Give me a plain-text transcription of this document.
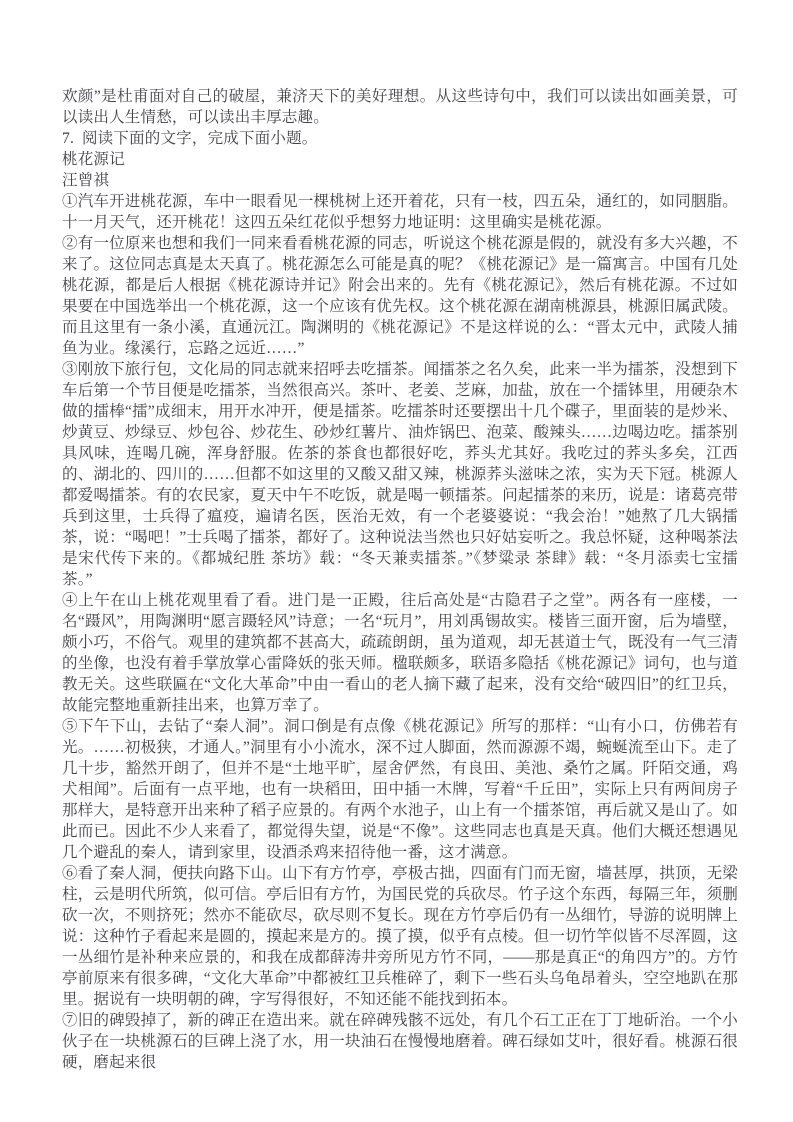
欢颜”是杜甫面对自己的破屋，兼济天下的美好理想。从这些诗句中，我们可以读出如画美景，可以读出人生情愁，可以读出丰厚志趣。

7.  阅读下面的文字，完成下面小题。

桃花源记

汪曾祺

①汽车开进桃花源，车中一眼看见一棵桃树上还开着花，只有一枝，四五朵，通红的，如同胭脂。十一月天气，还开桃花！这四五朵红花似乎想努力地证明：这里确实是桃花源。

②有一位原来也想和我们一同来看看桃花源的同志，听说这个桃花源是假的，就没有多大兴趣，不来了。这位同志真是太天真了。桃花源怎么可能是真的呢？《桃花源记》是一篇寓言。中国有几处桃花源，都是后人根据《桃花源诗并记》附会出来的。先有《桃花源记》，然后有桃花源。不过如果要在中国选举出一个桃花源，这一个应该有优先权。这个桃花源在湖南桃源县，桃源旧属武陵。而且这里有一条小溪，直通沅江。陶渊明的《桃花源记》不是这样说的么：“晋太元中，武陵人捕鱼为业。缘溪行，忘路之远近……”

③刚放下旅行包，文化局的同志就来招呼去吃擂茶。闻擂茶之名久矣，此来一半为擂茶，没想到下车后第一个节目便是吃擂茶，当然很高兴。茶叶、老姜、芝麻，加盐，放在一个擂钵里，用硬杂木做的擂棒“擂”成细末，用开水冲开，便是擂茶。吃擂茶时还要摆出十几个碟子，里面装的是炒米、炒黄豆、炒绿豆、炒包谷、炒花生、砂炒红薯片、油炸锅巴、泡菜、酸辣头……边喝边吃。擂茶别具风味，连喝几碗，浑身舒服。佐茶的茶食也都很好吃，荞头尤其好。我吃过的荞头多矣，江西的、湖北的、四川的……但都不如这里的又酸又甜又辣，桃源荞头滋味之浓，实为天下冠。桃源人都爱喝擂茶。有的农民家，夏天中午不吃饭，就是喝一顿擂茶。问起擂茶的来历，说是：诸葛亮带兵到这里，士兵得了瘟疫，遍请名医，医治无效，有一个老婆婆说：“我会治！”她熬了几大锅擂茶，说：“喝吧！”士兵喝了擂茶，都好了。这种说法当然也只好姑妄听之。我总怀疑，这种喝茶法是宋代传下来的。《都城纪胜 茶坊》载：“冬天兼卖擂茶。”《梦粱录 茶肆》载：“冬月添卖七宝擂茶。”

④上午在山上桃花观里看了看。进门是一正殿，往后高处是“古隐君子之堂”。两各有一座楼，一名“蹑风”，用陶渊明“愿言蹑轻风”诗意；一名“玩月”，用刘禹锡故实。楼皆三面开窗，后为墙壁，颇小巧，不俗气。观里的建筑都不甚高大，疏疏朗朗，虽为道观，却无甚道士气，既没有一气三清的坐像，也没有着手掌放掌心雷降妖的张天师。楹联颇多，联语多隐括《桃花源记》词句，也与道教无关。这些联匾在“文化大革命”中由一看山的老人摘下藏了起来，没有交给“破四旧”的红卫兵，故能完整地重新挂出来，也算万幸了。

⑤下午下山，去钻了“秦人洞”。洞口倒是有点像《桃花源记》所写的那样：“山有小口，仿佛若有光。……初极狭，才通人。”洞里有小小流水，深不过人脚面，然而源源不竭，蜿蜒流至山下。走了几十步，豁然开朗了，但并不是“土地平旷，屋舍俨然，有良田、美池、桑竹之属。阡陌交通，鸡犬相闻”。后面有一点平地，也有一块稻田，田中插一木牌，写着“千丘田”，实际上只有两间房子那样大，是特意开出来种了稻子应景的。有两个水池子，山上有一个擂茶馆，再后就又是山了。如此而已。因此不少人来看了，都觉得失望，说是“不像”。这些同志也真是天真。他们大概还想遇见几个避乱的秦人，请到家里，设酒杀鸡来招待他一番，这才满意。

⑥看了秦人洞，便扶向路下山。山下有方竹亭，亭极古拙，四面有门而无窗，墙甚厚，拱顶，无梁柱，云是明代所筑，似可信。亭后旧有方竹，为国民党的兵砍尽。竹子这个东西，每隔三年，须删砍一次，不则挤死；然亦不能砍尽，砍尽则不复长。现在方竹亭后仍有一丛细竹，导游的说明牌上说：这种竹子看起来是圆的，摸起来是方的。摸了摸，似乎有点棱。但一切竹竿似皆不尽浑圆，这一丛细竹是补种来应景的，和我在成都薛涛井旁所见方竹不同，——那是真正“的角四方”的。方竹亭前原来有很多碑，“文化大革命”中都被红卫兵椎碎了，剩下一些石头乌龟昂着头，空空地趴在那里。据说有一块明朝的碑，字写得很好，不知还能不能找到拓本。

⑦旧的碑毁掉了，新的碑正在造出来。就在碎碑残骸不远处，有几个石工正在丁丁地斫治。一个小伙子在一块桃源石的巨碑上浇了水，用一块油石在慢慢地磨着。碑石绿如艾叶，很好看。桃源石很硬，磨起来很
